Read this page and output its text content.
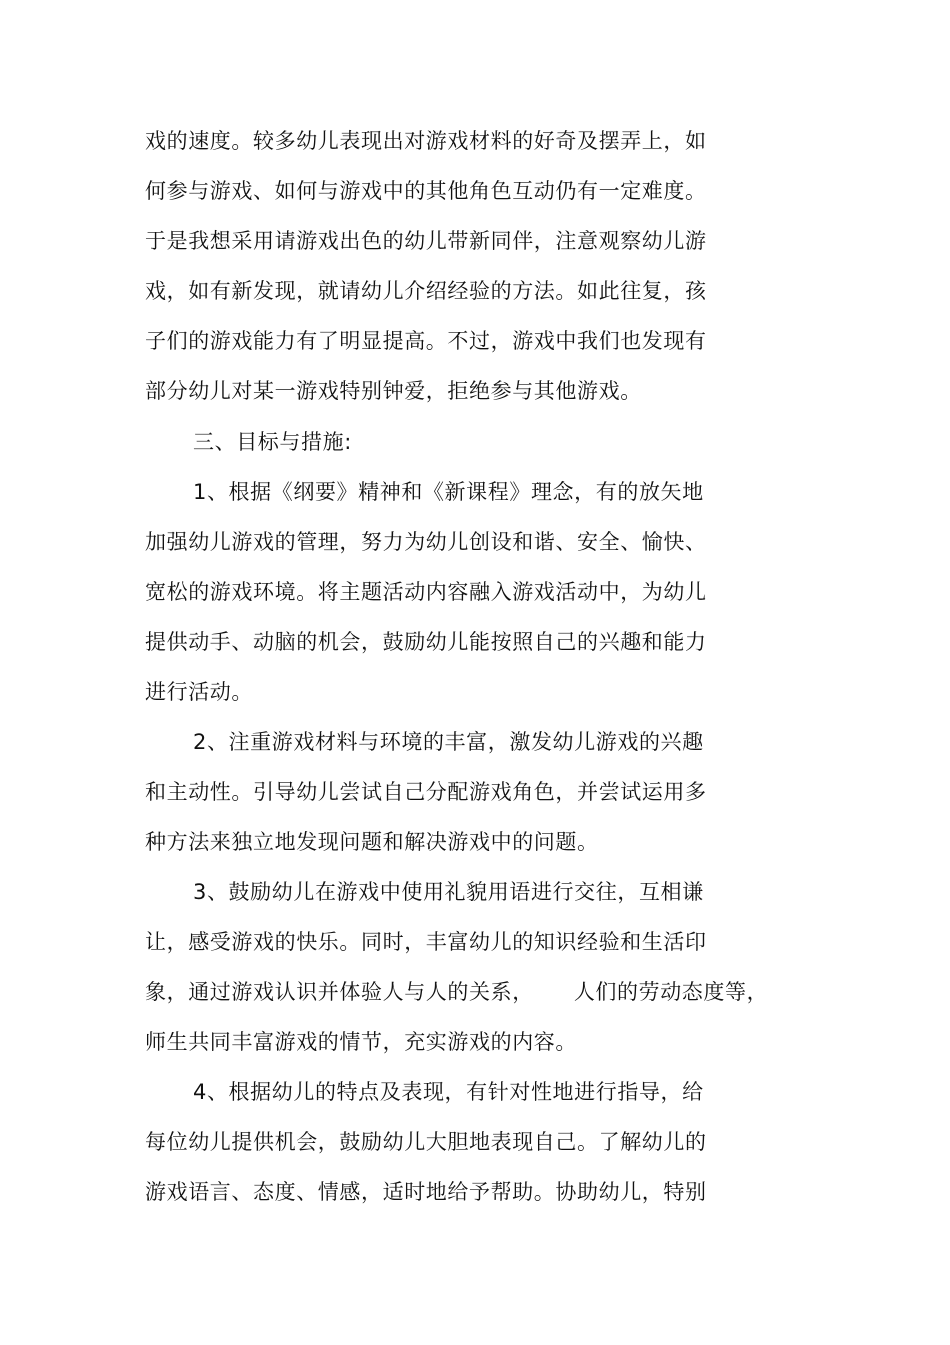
戏的速度。较多幼儿表现出对游戏材料的好奇及摆弄上，如
何参与游戏、如何与游戏中的其他角色互动仍有一定难度。
于是我想采用请游戏出色的幼儿带新同伴，注意观察幼儿游
戏，如有新发现，就请幼儿介绍经验的方法。如此往复，孩
子们的游戏能力有了明显提高。不过，游戏中我们也发现有
部分幼儿对某一游戏特别钟爱，拒绝参与其他游戏。
三、目标与措施:
1、根据《纲要》精神和《新课程》理念，有的放矢地
加强幼儿游戏的管理，努力为幼儿创设和谐、安全、愉快、
宽松的游戏环境。将主题活动内容融入游戏活动中，为幼儿
提供动手、动脑的机会，鼓励幼儿能按照自己的兴趣和能力
进行活动。
2、注重游戏材料与环境的丰富，激发幼儿游戏的兴趣
和主动性。引导幼儿尝试自己分配游戏角色，并尝试运用多
种方法来独立地发现问题和解决游戏中的问题。
3、鼓励幼儿在游戏中使用礼貌用语进行交往，互相谦
让，感受游戏的快乐。同时，丰富幼儿的知识经验和生活印
象，通过游戏认识并体验人与人的关系， 人们的劳动态度等，
师生共同丰富游戏的情节，充实游戏的内容。
4、根据幼儿的特点及表现，有针对性地进行指导，给
每位幼儿提供机会，鼓励幼儿大胆地表现自己。了解幼儿的
游戏语言、态度、情感，适时地给予帮助。协助幼儿，特别
